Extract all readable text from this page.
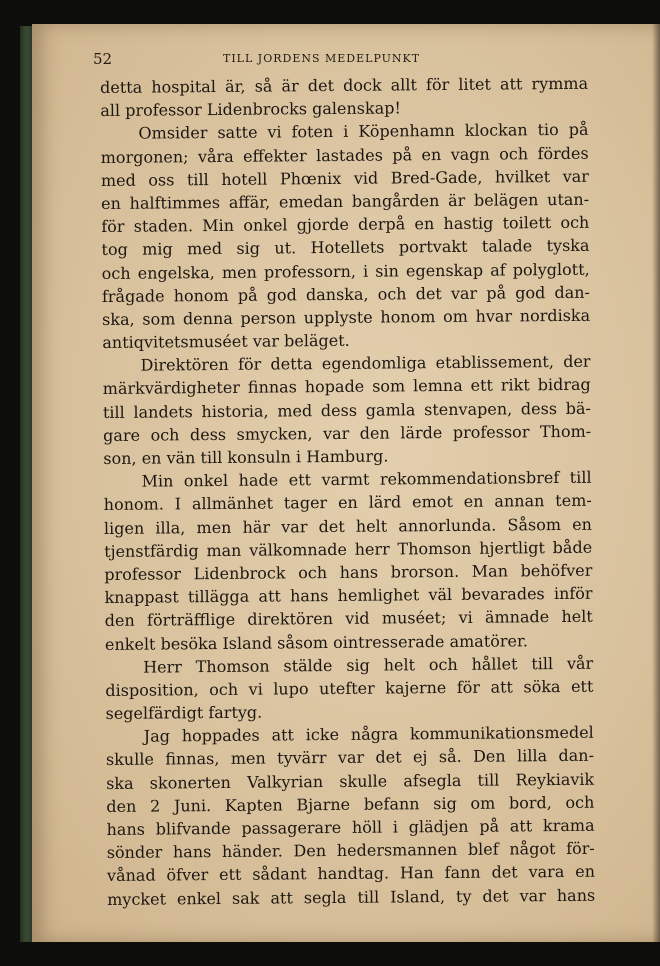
52	TILL JORDENS MEDELPUNKT
detta hospital är, så är det dock allt för litet att rymma
all professor Lidenbrocks galenskap!
Omsider satte vi foten i Köpenhamn klockan tio på
morgonen; våra effekter lastades på en vagn och fördes
med oss till hotell Phœnix vid Bred-Gade, hvilket var
en halftimmes affär, emedan bangården är belägen utan-
för staden. Min onkel gjorde derpå en hastig toilett och
tog mig med sig ut. Hotellets portvakt talade tyska
och engelska, men professorn, i sin egenskap af polyglott,
frågade honom på god danska, och det var på god dan-
ska, som denna person upplyste honom om hvar nordiska
antiqvitetsmuséet var beläget.
Direktören för detta egendomliga etablissement, der
märkvärdigheter finnas hopade som lemna ett rikt bidrag
till landets historia, med dess gamla stenvapen, dess bä-
gare och dess smycken, var den lärde professor Thom-
son, en vän till konsuln i Hamburg.
Min onkel hade ett varmt rekommendationsbref till
honom. I allmänhet tager en lärd emot en annan tem-
ligen illa, men här var det helt annorlunda. Såsom en
tjenstfärdig man välkomnade herr Thomson hjertligt både
professor Lidenbrock och hans brorson. Man behöfver
knappast tillägga att hans hemlighet väl bevarades inför
den förträfflige direktören vid muséet; vi ämnade helt
enkelt besöka Island såsom ointresserade amatörer.
Herr Thomson stälde sig helt och hållet till vår
disposition, och vi lupo utefter kajerne för att söka ett
segelfärdigt fartyg.
Jag hoppades att icke några kommunikationsmedel
skulle finnas, men tyvärr var det ej så. Den lilla dan-
ska skonerten Valkyrian skulle afsegla till Reykiavik
den 2 Juni. Kapten Bjarne befann sig om bord, och
hans blifvande passagerare höll i glädjen på att krama
sönder hans händer. Den hedersmannen blef något för-
vånad öfver ett sådant handtag. Han fann det vara en
mycket enkel sak att segla till Island, ty det var hans
